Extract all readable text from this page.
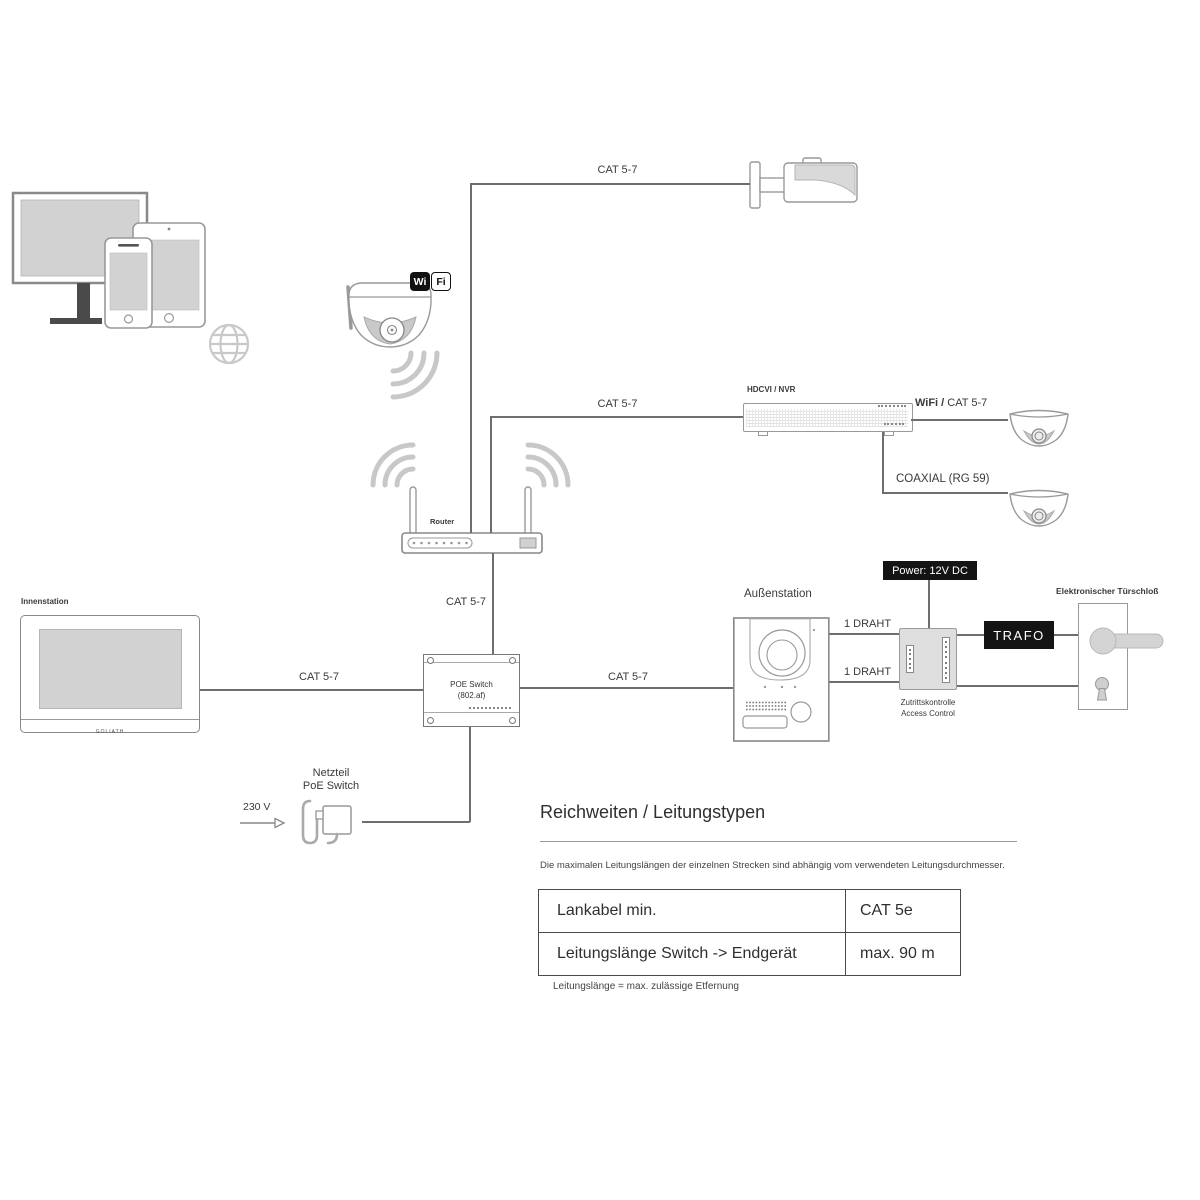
Wi Fi
HDCVI / NVR
Router
CAT 5-7
CAT 5-7	WiFi / CAT 5-7
COAXIAL (RG 59)
CAT 5-7
CAT 5-7	CAT 5-7
1 DRAHT
1 DRAHT
Innenstation
GOLIATH
POE Switch
(802.af)
Außenstation
Power: 12V DC
Zutrittskontrolle
Access Control
TRAFO
Elektronischer Türschloß
Netzteil
PoE Switch
230 V	Reichweiten / Leitungstypen
Die maximalen Leitungslängen der einzelnen Strecken sind abhängig vom verwendeten Leitungsdurchmesser.
Lankabel min.	CAT 5e
Leitungslänge Switch -> Endgerät	max. 90 m
Leitungslänge = max. zulässige Etfernung
